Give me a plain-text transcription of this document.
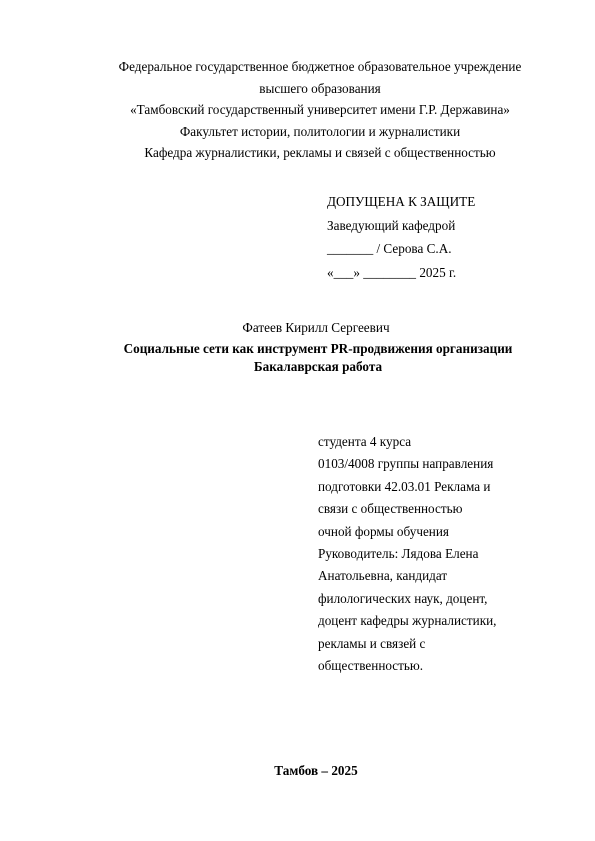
Федеральное государственное бюджетное образовательное учреждение
высшего образования
«Тамбовский государственный университет имени Г.Р. Державина»
Факультет истории, политологии и журналистики
Кафедра журналистики, рекламы и связей с общественностью
ДОПУЩЕНА К ЗАЩИТЕ
Заведующий кафедрой
_______ / Серова С.А.
«___» ________ 2025 г.
Фатеев Кирилл Сергеевич
Социальные сети как инструмент PR-продвижения организации
Бакалаврская работа
студента 4 курса
0103/4008 группы направления
подготовки 42.03.01 Реклама и
связи с общественностью
очной формы обучения
Руководитель: Лядова Елена
Анатольевна, кандидат
филологических наук, доцент,
доцент кафедры журналистики,
рекламы и связей с
общественностью.
Тамбов – 2025
